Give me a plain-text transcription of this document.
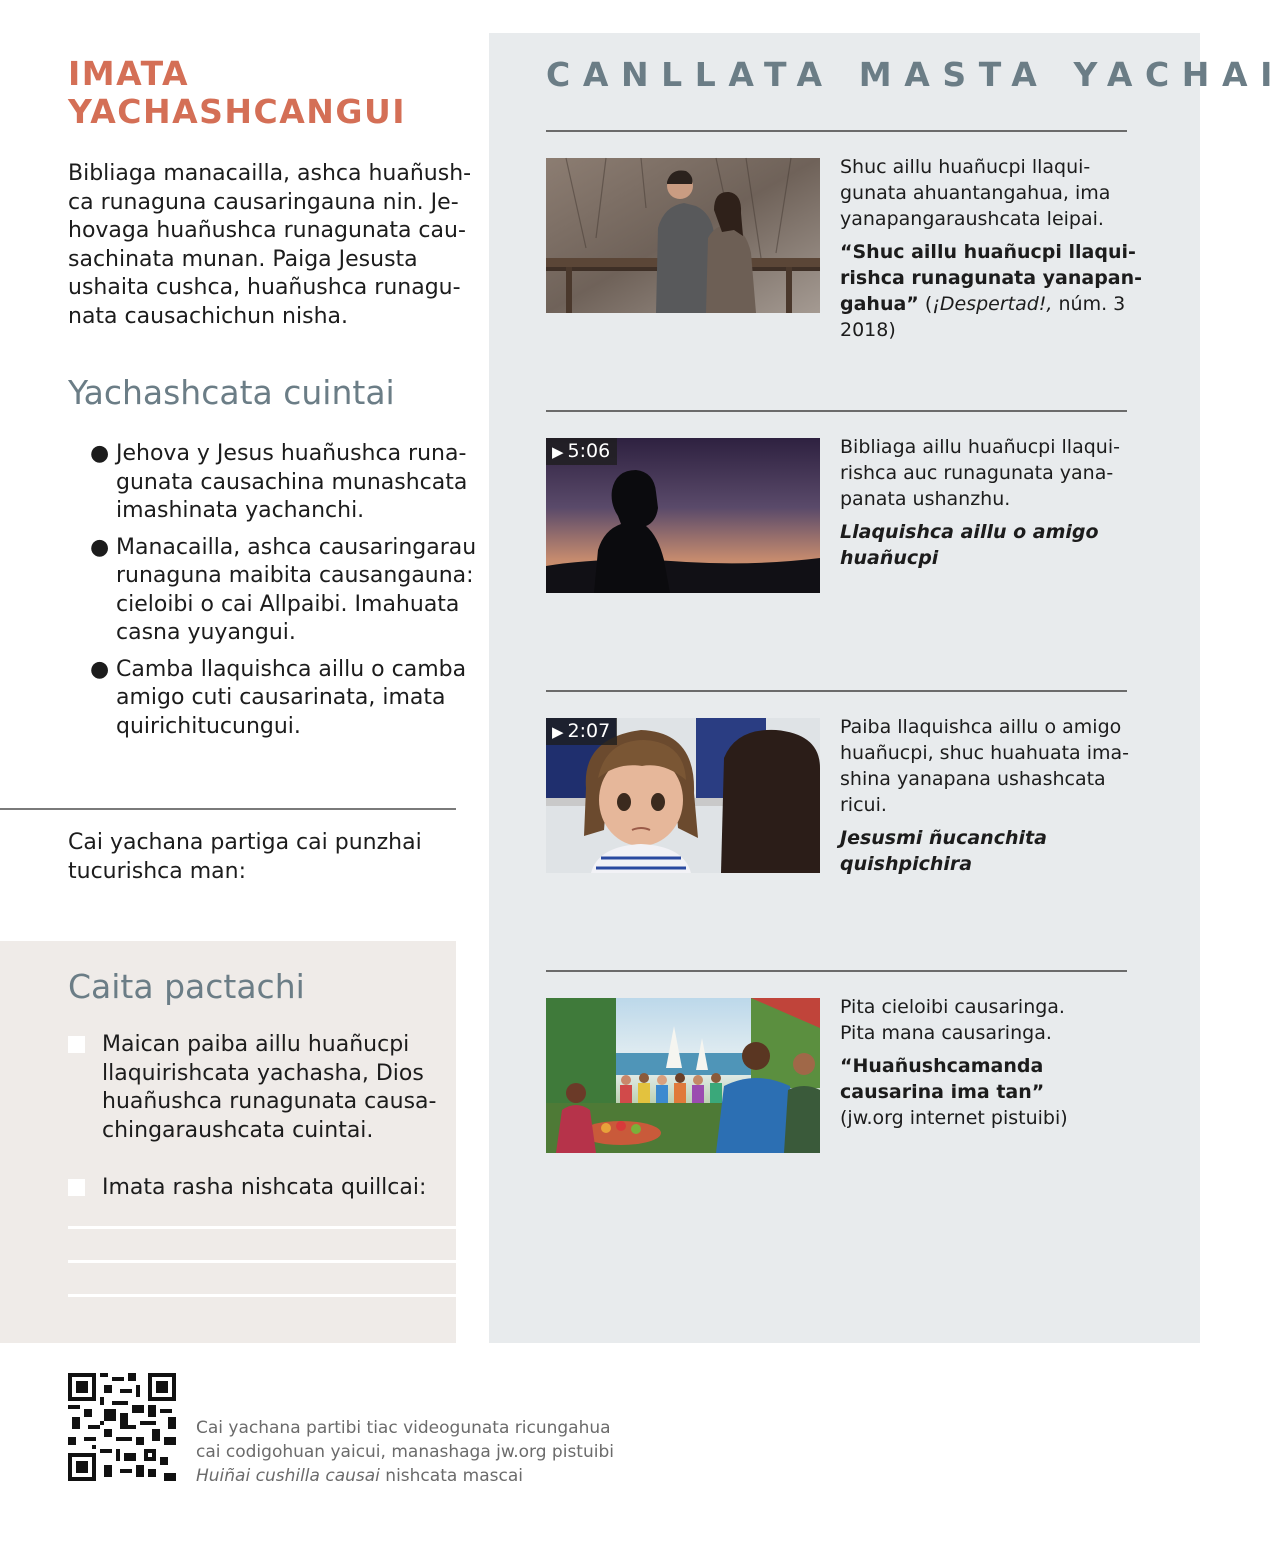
IMATA
YACHASHCANGUI

Bibliaga manacailla, ashca huañush-
ca runaguna causaringauna nin. Je-
hovaga huañushca runagunata cau-
sachinata munan. Paiga Jesusta
ushaita cushca, huañushca runagu-
nata causachichun nisha.

Yachashcata cuintai
● Jehova y Jesus huañushca runa-
gunata causachina munashcata
imashinata yachanchi.
● Manacailla, ashca causaringarau
runaguna maibita causangauna:
cieloibi o cai Allpaibi. Imahuata
casna yuyangui.
● Camba llaquishca aillu o camba
amigo cuti causarinata, imata
quirichitucungui.
Cai yachana partiga cai punzhai
tucurishca man:
Caita pactachi
Maican paiba aillu huañucpi
llaquirishcata yachasha, Dios
huañushca runagunata causa-
chingaraushcata cuintai.
Imata rasha nishcata quillcai:
CANLLATA MASTA YACHAI
Shuc aillu huañucpi llaqui-
gunata ahuantangahua, ima
yanapangaraushcata leipai.
“Shuc aillu huañucpi llaqui-
rishca runagunata yanapan-
gahua” (¡Despertad!, núm. 3
2018)
▶ 5:06	Bibliaga aillu huañucpi llaqui-
rishca auc runagunata yana-
panata ushanzhu.
Llaquishca aillu o amigo
huañucpi
▶ 2:07	Paiba llaquishca aillu o amigo
huañucpi, shuc huahuata ima-
shina yanapana ushashcata
ricui.
Jesusmi ñucanchita
quishpichira
Pita cieloibi causaringa.
Pita mana causaringa.
“Huañushcamanda
causarina ima tan”
(jw.org internet pistuibi)
Cai yachana partibi tiac videogunata ricungahua
cai codigohuan yaicui, manashaga jw.org pistuibi
Huiñai cushilla causai nishcata mascai
